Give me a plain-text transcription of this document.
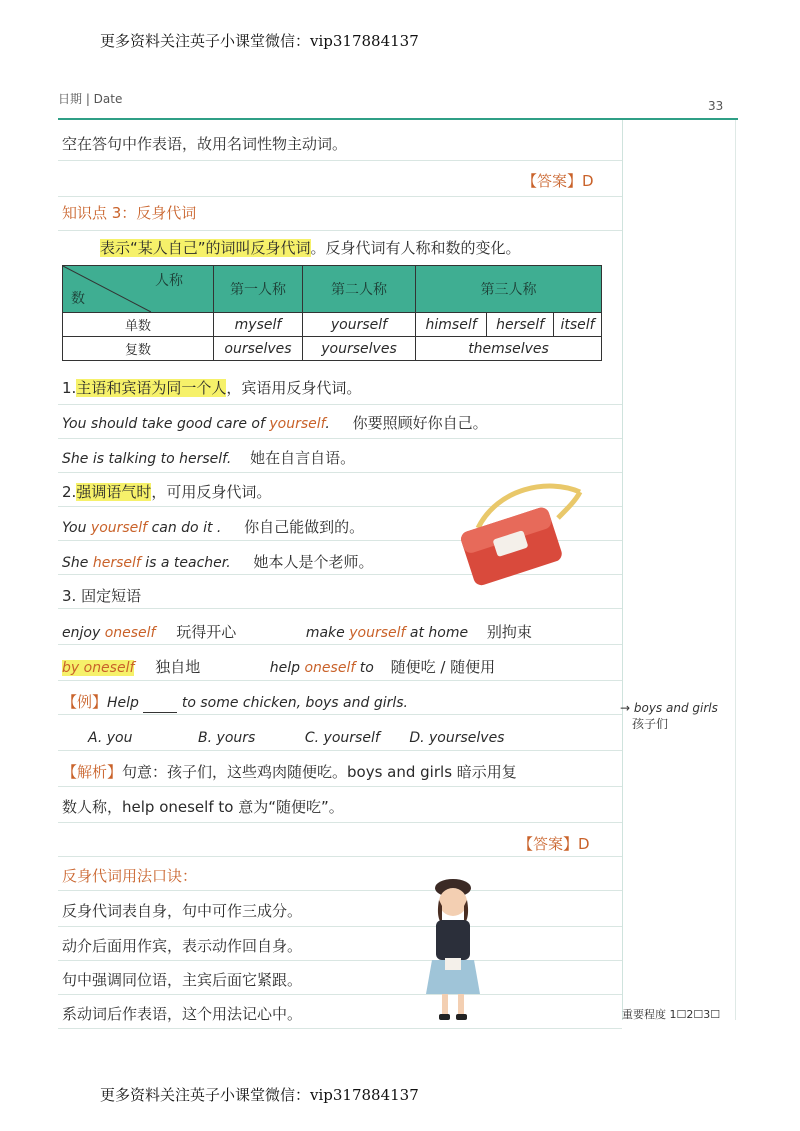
更多资料关注英子小课堂微信：vip317884137
日期 | Date	33
空在答句中作表语，故用名词性物主动词。
【答案】D
知识点 3：反身代词
表示“某人自己”的词叫反身代词。反身代词有人称和数的变化。
人称
数	第一人称	第二人称	第三人称		
单数	myself	yourself	himself	herself	itself
复数	ourselves	yourselves	themselves		
1.主语和宾语为同一个人，宾语用反身代词。
You should take good care of yourself. 你要照顾好你自己。
She is talking to herself. 她在自言自语。
2.强调语气时，可用反身代词。
You yourself can do it . 你自己能做到的。
She herself is a teacher. 她本人是个老师。
3. 固定短语
enjoy oneself 玩得开心	make yourself at home 别拘束
by oneself 独自地	help oneself to 随便吃 / 随便用
【例】Help  to some chicken, boys and girls.
A. you	B. yours	C. yourself D. yourselves
【解析】句意：孩子们，这些鸡肉随便吃。boys and girls 暗示用复
数人称，help oneself to 意为“随便吃”。
【答案】D
反身代词用法口诀：
反身代词表自身，句中可作三成分。
动介后面用作宾，表示动作回自身。
句中强调同位语，主宾后面它紧跟。
系动词后作表语，这个用法记心中。
→ boys and girls
孩子们
重要程度 1☐2☐3☐
更多资料关注英子小课堂微信：vip317884137
